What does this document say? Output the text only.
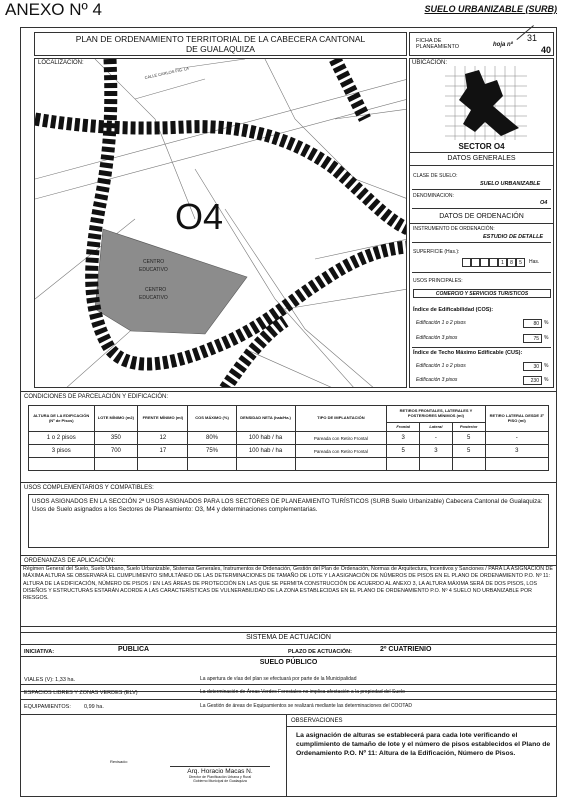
ANEXO Nº 4	SUELO URBANIZABLE (SURB)
PLAN DE ORDENAMIENTO TERRITORIAL DE LA CABECERA CANTONAL
DE GUALAQUIZA
FICHA DE
PLANEAMIENTO	hoja nº
31
40
LOCALIZACION:
O4
CALLE CARLOS FIG. LA
CENTRO
EDUCATIVO
CENTRO
EDUCATIVO
UBICACION:
SECTOR O4
DATOS GENERALES
CLASE DE SUELO:
SUELO URBANIZABLE
DENOMINACION:
O4
DATOS DE ORDENACIÓN
INSTRUMENTO DE ORDENACIÓN:
ESTUDIO DE DETALLE
SUPERFICIE (Has.):
1	8	5	Has.
USOS PRINCIPALES:
COMERCIO Y SERVICIOS TURISTICOS
Índice de Edificabilidad (COS):
Edificación 1 o 2 pisos	80	%
Edificación 3 pisos	75	%
Índice de Techo Máximo Edificable (CUS):
Edificación 1 o 2 pisos	30	%
Edificación 3 pisos	230	%
CONDICIONES DE PARCELACIÓN Y EDIFICACIÓN:
ALTURA DE LA EDIFICACIÓN (Nº de Pisos)	LOTE MÍNIMO (m2)	FRENTE MÍNIMO (ml)	COS MÁXIMO (%)	DENSIDAD NETA (hab/Ha.)	TIPO DE IMPLANTACIÓN	RETIROS FRONTALES, LATERALES Y POSTERIORES MÍNIMOS (ml)			RETIRO LATERAL DESDE 3º PISO (ml)
						Frontal	Lateral	Posterior	
1 o 2 pisos	350	12	80%	100 hab / ha	Pareada con Retiro Frontal	3	-	5	-
3 pisos	700	17	75%	100 hab / ha	Pareada con Retiro Frontal	5	3	5	3

USOS COMPLEMENTARIOS Y COMPATIBLES:
USOS ASIGNADOS EN LA SECCIÓN 2ª USOS ASIGNADOS PARA LOS SECTORES DE PLANEAMIENTO TURÍSTICOS (SURB Suelo Urbanizable) Cabecera Cantonal de Gualaquiza: Usos de Suelo asignados a los Sectores de Planeamiento: O3, M4 y determinaciones complementarias.
ORDENANZAS DE APLICACIÓN:
Régimen General del Suelo, Suelo Urbano, Suelo Urbanizable, Sistemas Generales, Instrumentos de Ordenación, Gestión del Plan de Ordenación, Normas de Arquitectura, Incentivos y Sanciones / PARA LA ASIGNACIÓN DE MÁXIMA ALTURA SE OBSERVARÁ EL CUMPLIMIENTO SIMULTÁNEO DE LAS DETERMINACIONES DE TAMAÑO DE LOTE Y LA ASIGNACIÓN DE NÚMEROS DE PISOS EN EL PLANO DE ORDENAMIENTO P.O. Nº 11: ALTURA DE LA EDIFICACIÓN, NÚMERO DE PISOS / EN LAS ÁREAS DE PROTECCIÓN EN LAS QUE SE PERMITA CONSTRUCCIÓN DE ACUERDO AL ANEXO 3, LA ALTURA MÁXIMA SERÁ DE DOS PISOS, LOS DISEÑOS Y ESTRUCTURAS ESTARÁN ACORDE A LAS CARACTERÍSTICAS DE VULNERABILIDAD DE LA ZONA ESTABLECIDAS EN EL PLANO DE ORDENAMIENTO P.O. Nº 4 SUELO NO URBANIZABLE POR RIESGOS.
SISTEMA DE ACTUACIÓN
INICIATIVA:	PÚBLICA	PLAZO DE ACTUACIÓN:	2º CUATRIENIO
SUELO PÚBLICO
VIALES (V): 1,33 ha.	La apertura de vías del plan se efectuará por parte de la Municipalidad
ESPACIOS LIBRES Y ZONAS VERDES (ELV)	La determinación de Áreas Verdes Forestales no implica afectación a la propiedad del Suelo
EQUIPAMIENTOS: 0,99 ha.	La Gestión de áreas de Equipamientos se realizará mediante las determinaciones del COOTAD
Revisado:
Arq. Horacio Macas N.
Director de Planificación Urbana y Rural
Gobierno Municipal de Gualaquiza
OBSERVACIONES
La asignación de alturas se establecerá para cada lote verificando el cumplimiento de tamaño de lote y el número de pisos establecidos el Plano de Ordenamiento P.O. Nº 11: Altura de la Edificación, Número de Pisos.
